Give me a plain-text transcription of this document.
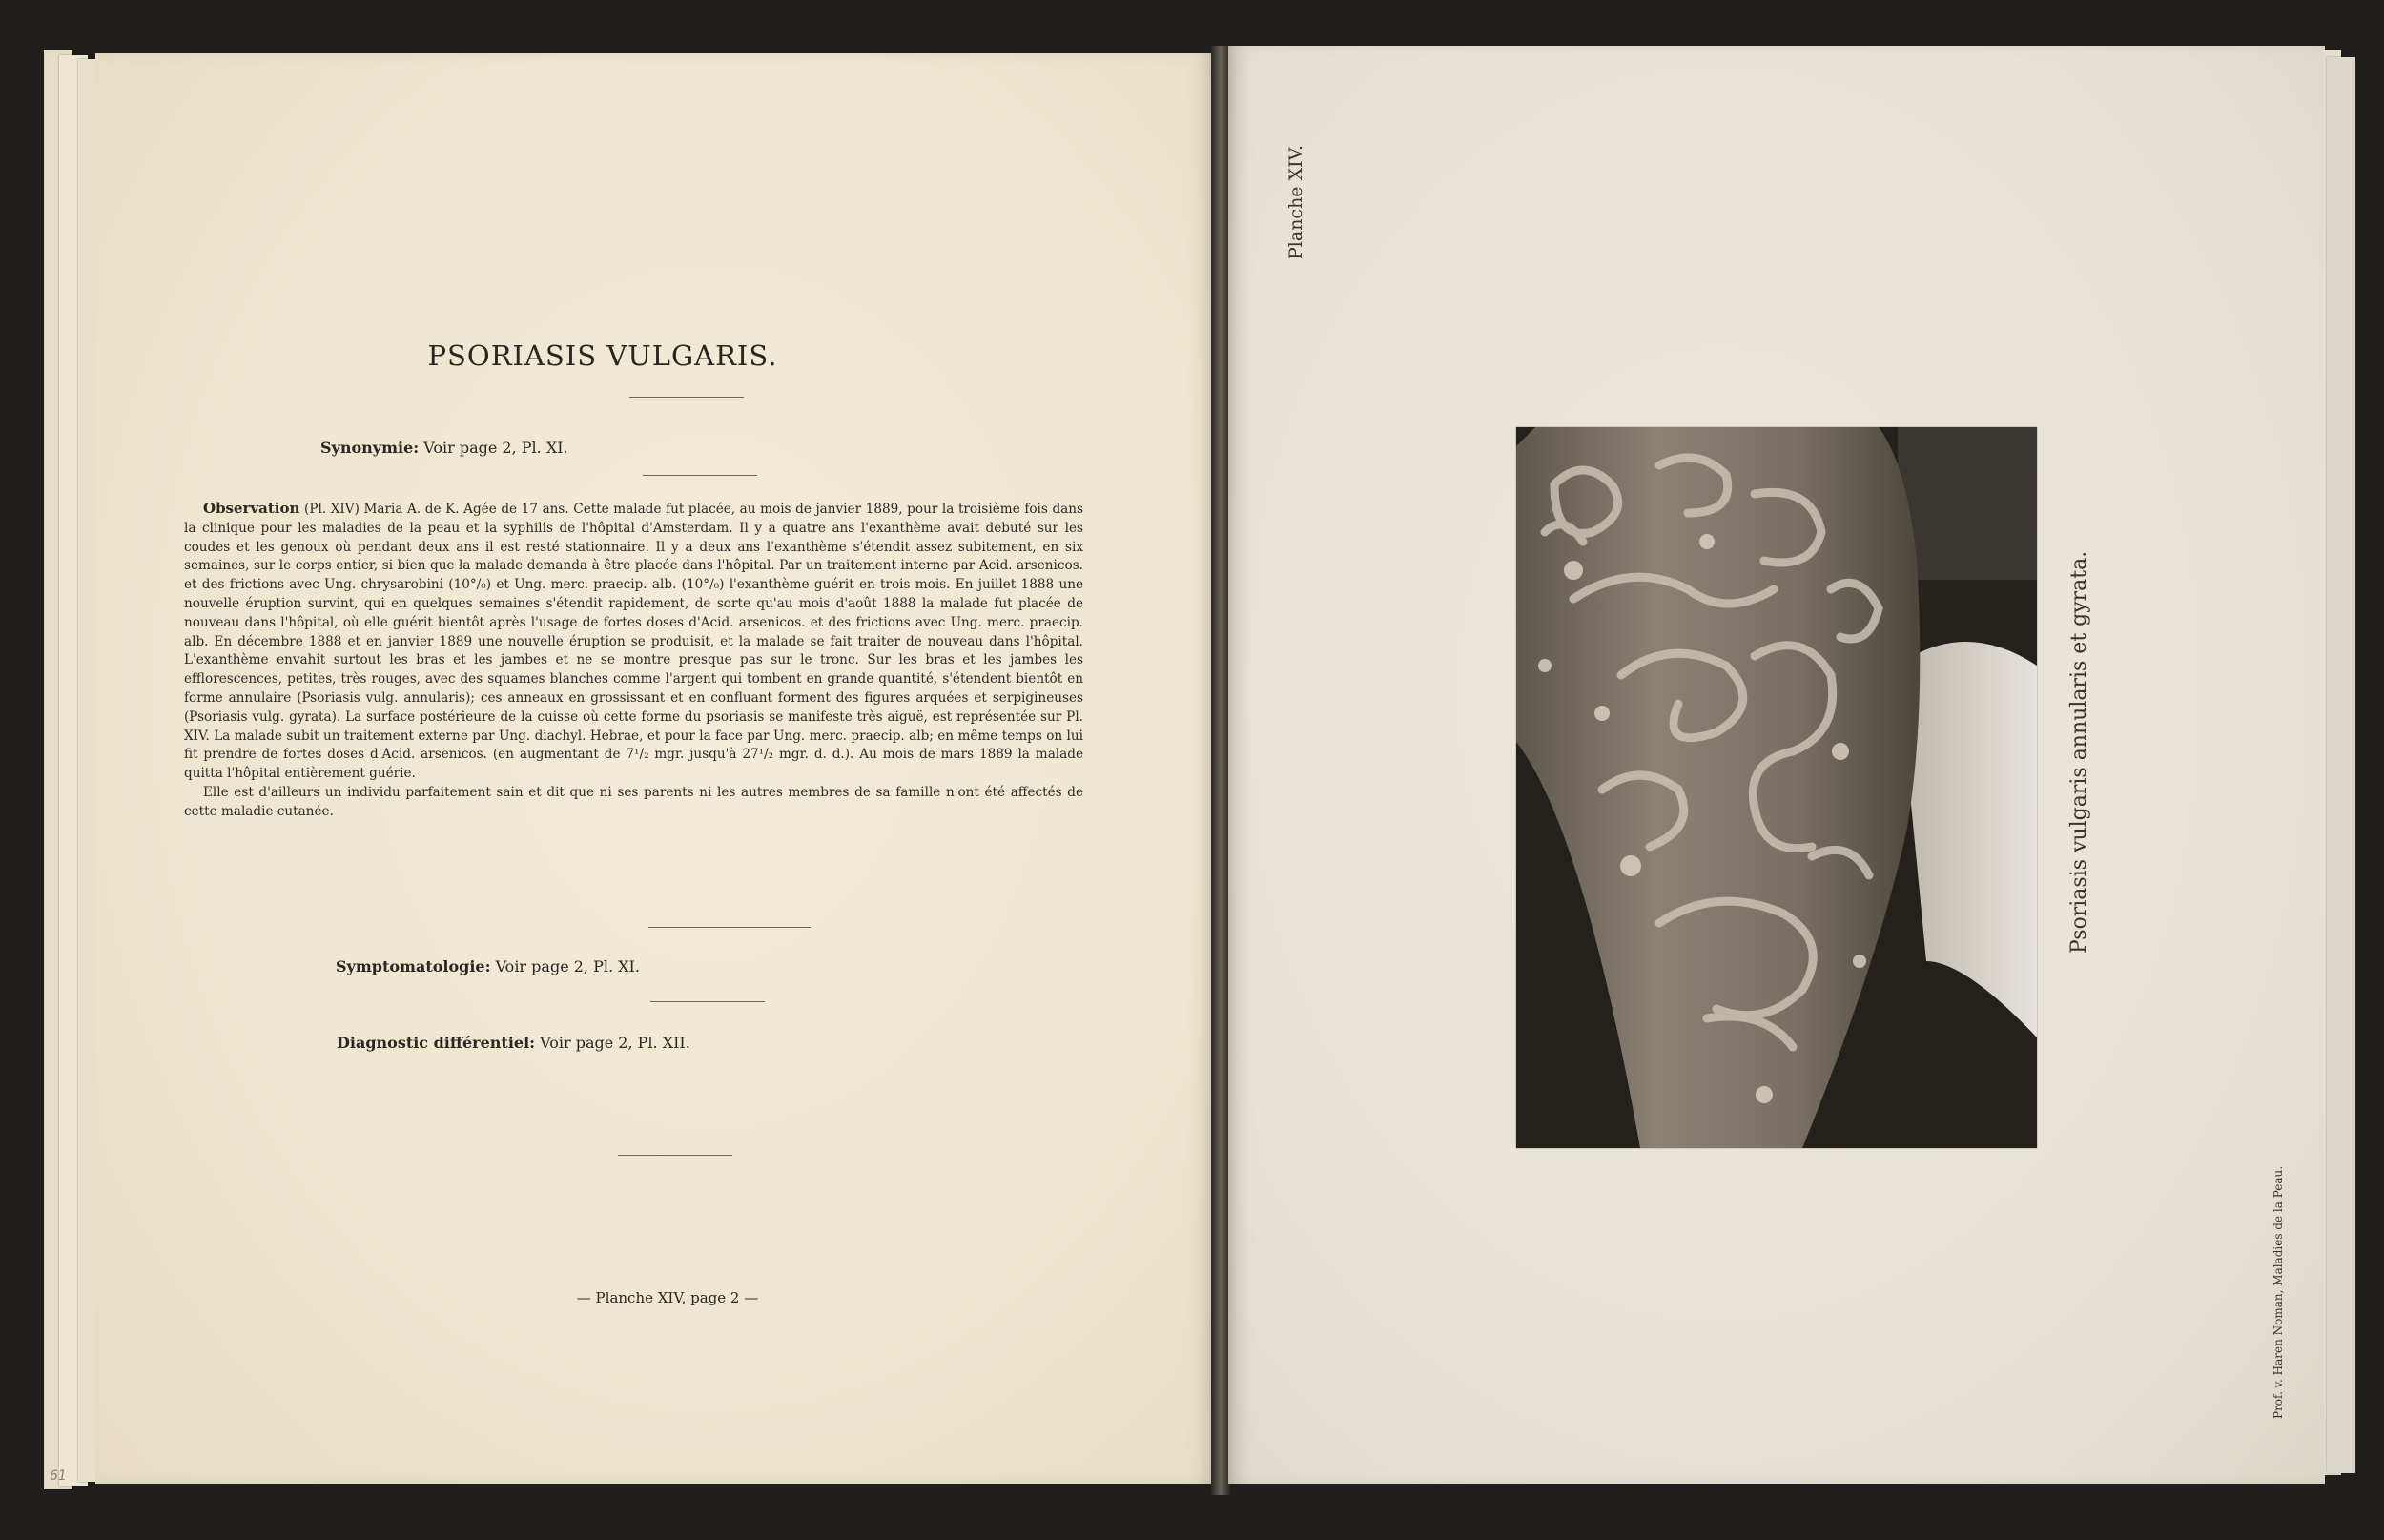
PSORIASIS VULGARIS.
Synonymie: Voir page 2, Pl. XI.

Observation (Pl. XIV) Maria A. de K. Agée de 17 ans. Cette malade fut placée, au mois de janvier 1889, pour la troisième fois dans la clinique pour les maladies de la peau et la syphilis de l'hôpital d'Amsterdam. Il y a quatre ans l'exanthème avait debuté sur les coudes et les genoux où pendant deux ans il est resté stationnaire. Il y a deux ans l'exanthème s'étendit assez subitement, en six semaines, sur le corps entier, si bien que la malade demanda à être placée dans l'hôpital. Par un traitement interne par Acid. arsenicos. et des frictions avec Ung. chrysarobini (10°/₀) et Ung. merc. praecip. alb. (10°/₀) l'exanthème guérit en trois mois. En juillet 1888 une nouvelle éruption survint, qui en quelques semaines s'étendit rapidement, de sorte qu'au mois d'août 1888 la malade fut placée de nouveau dans l'hôpital, où elle guérit bientôt après l'usage de fortes doses d'Acid. arsenicos. et des frictions avec Ung. merc. praecip. alb. En décembre 1888 et en janvier 1889 une nouvelle éruption se produisit, et la malade se fait traiter de nouveau dans l'hôpital. L'exanthème envahit surtout les bras et les jambes et ne se montre presque pas sur le tronc. Sur les bras et les jambes les efflorescences, petites, très rouges, avec des squames blanches comme l'argent qui tombent en grande quantité, s'étendent bientôt en forme annulaire (Psoriasis vulg. annularis); ces anneaux en grossissant et en confluant forment des figures arquées et serpigineuses (Psoriasis vulg. gyrata). La surface postérieure de la cuisse où cette forme du psoriasis se manifeste très aiguë, est représentée sur Pl. XIV. La malade subit un traitement externe par Ung. diachyl. Hebrae, et pour la face par Ung. merc. praecip. alb; en même temps on lui fit prendre de fortes doses d'Acid. arsenicos. (en augmentant de 7¹/₂ mgr. jusqu'à 27¹/₂ mgr. d. d.). Au mois de mars 1889 la malade quitta l'hôpital entièrement guérie.

Elle est d'ailleurs un individu parfaitement sain et dit que ni ses parents ni les autres membres de sa famille n'ont été affectés de cette maladie cutanée.

Symptomatologie: Voir page 2, Pl. XI.
Diagnostic différentiel: Voir page 2, Pl. XII.
— Planche XIV, page 2 —
Planche XIV.
Psoriasis vulgaris annularis et gyrata.
Prof. v. Haren Noman, Maladies de la Peau.
61
